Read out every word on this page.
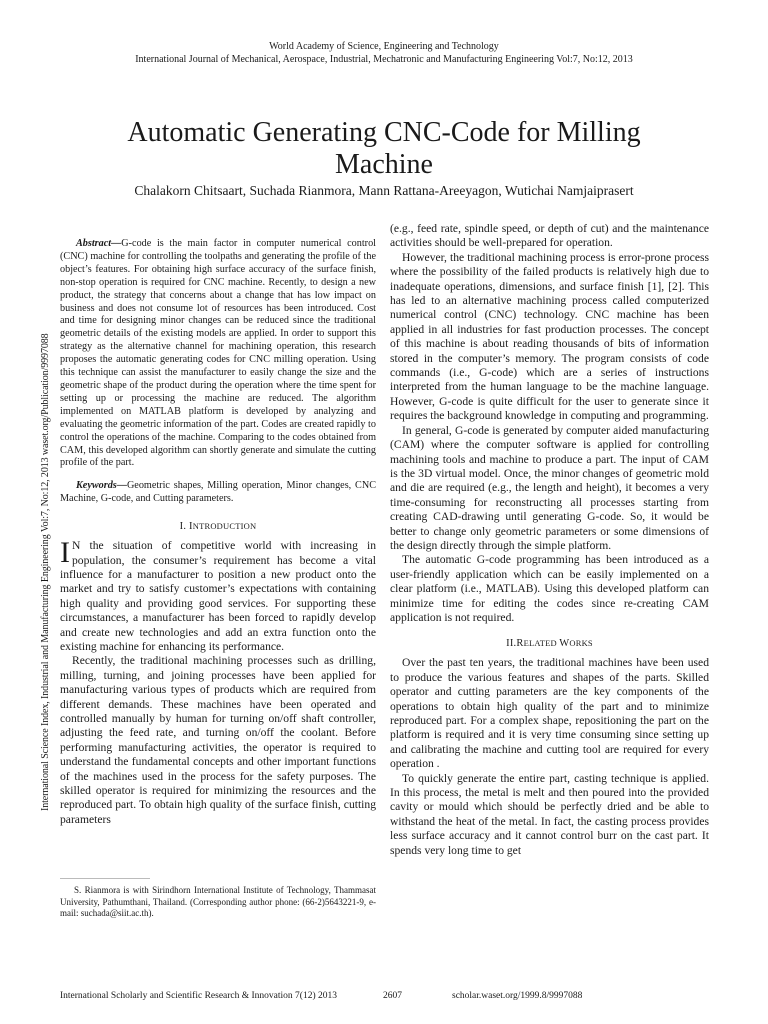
World Academy of Science, Engineering and Technology
International Journal of Mechanical, Aerospace, Industrial, Mechatronic and Manufacturing Engineering Vol:7, No:12, 2013
Automatic Generating CNC-Code for Milling Machine
Chalakorn Chitsaart, Suchada Rianmora, Mann Rattana-Areeyagon, Wutichai Namjaiprasert
International Science Index, Industrial and Manufacturing Engineering Vol:7, No:12, 2013 waset.org/Publication/9997088

Abstract—G-code is the main factor in computer numerical control (CNC) machine for controlling the toolpaths and generating the profile of the object’s features. For obtaining high surface accuracy of the surface finish, non-stop operation is required for CNC machine. Recently, to design a new product, the strategy that concerns about a change that has low impact on business and does not consume lot of resources has been introduced. Cost and time for designing minor changes can be reduced since the traditional geometric details of the existing models are applied. In order to support this strategy as the alternative channel for machining operation, this research proposes the automatic generating codes for CNC milling operation. Using this technique can assist the manufacturer to easily change the size and the geometric shape of the product during the operation where the time spent for setting up or processing the machine are reduced. The algorithm implemented on MATLAB platform is developed by analyzing and evaluating the geometric information of the part. Codes are created rapidly to control the operations of the machine. Comparing to the codes obtained from CAM, this developed algorithm can shortly generate and simulate the cutting profile of the part.

Keywords—Geometric shapes, Milling operation, Minor changes, CNC Machine, G-code, and Cutting parameters.

I. INTRODUCTION

I N the situation of competitive world with increasing in population, the consumer’s requirement has become a vital influence for a manufacturer to position a new product onto the market and try to satisfy customer’s expectations with containing high quality and providing good services. For supporting these circumstances, a manufacturer has been forced to rapidly develop and create new technologies and add an extra function onto the existing machine for enhancing its performance.

Recently, the traditional machining processes such as drilling, milling, turning, and joining processes have been applied for manufacturing various types of products which are required from different demands. These machines have been operated and controlled manually by human for turning on/off shaft controller, adjusting the feed rate, and turning on/off the coolant. Before performing manufacturing activities, the operator is required to understand the fundamental concepts and other important functions of the machines used in the process for the safety purposes. The skilled operator is required for minimizing the resources and the reproduced part. To obtain high quality of the surface finish, cutting parameters

S. Rianmora is with Sirindhorn International Institute of Technology, Thammasat University, Pathumthani, Thailand. (Corresponding author phone: (66-2)5643221-9, e-mail: suchada@siit.ac.th).

(e.g., feed rate, spindle speed, or depth of cut) and the maintenance activities should be well-prepared for operation.

However, the traditional machining process is error-prone process where the possibility of the failed products is relatively high due to inadequate operations, dimensions, and surface finish [1], [2]. This has led to an alternative machining process called computerized numerical control (CNC) technology. CNC machine has been applied in all industries for fast production processes. The concept of this machine is about reading thousands of bits of information stored in the computer’s memory. The program consists of code commands (i.e., G-code) which are a series of instructions interpreted from the human language to be the machine language. However, G-code is quite difficult for the user to generate since it requires the background knowledge in computing and programming.

In general, G-code is generated by computer aided manufacturing (CAM) where the computer software is applied for controlling machining tools and machine to produce a part. The input of CAM is the 3D virtual model. Once, the minor changes of geometric mold and die are required (e.g., the length and height), it becomes a very time-consuming for reconstructing all processes starting from creating CAD-drawing until generating G-code. So, it would be better to change only geometric parameters or some dimensions of the design directly through the simple platform.

The automatic G-code programming has been introduced as a user-friendly application which can be easily implemented on a clear platform (i.e., MATLAB). Using this developed platform can minimize time for editing the codes since re-creating CAM application is not required.

II.RELATED WORKS

Over the past ten years, the traditional machines have been used to produce the various features and shapes of the parts. Skilled operator and cutting parameters are the key components of the operations to obtain high quality of the part and to minimize reproduced part. For a complex shape, repositioning the part on the platform is required and it is very time consuming since setting up and calibrating the machine and cutting tool are required for every operation .

To quickly generate the entire part, casting technique is applied. In this process, the metal is melt and then poured into the provided cavity or mould which should be perfectly dried and be able to withstand the heat of the metal. In fact, the casting process provides less surface accuracy and it cannot control burr on the cast part. It spends very long time to get

International Scholarly and Scientific Research & Innovation 7(12) 2013	2607	scholar.waset.org/1999.8/9997088
